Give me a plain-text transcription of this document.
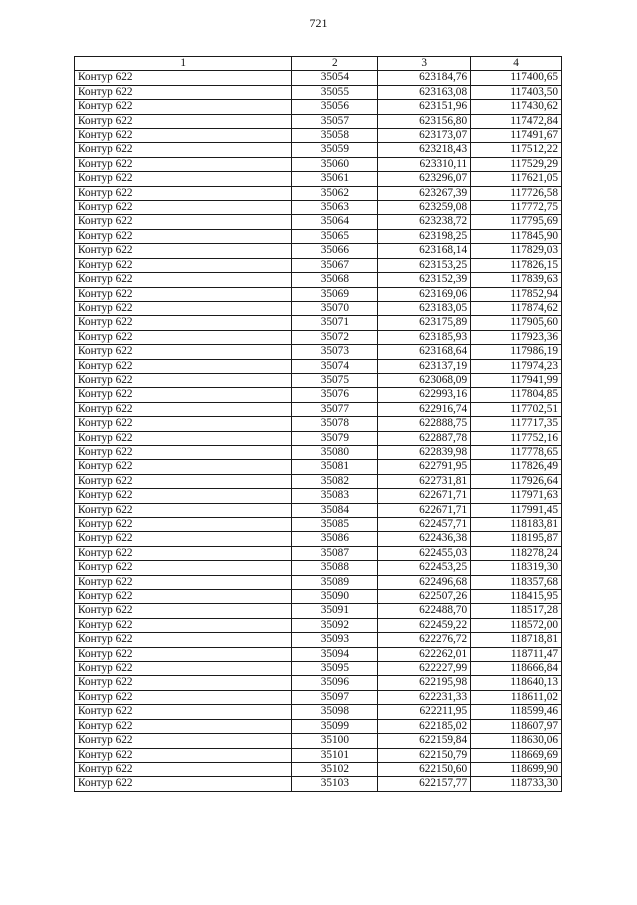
721
1	2	3	4
Контур 622	35054	623184,76	117400,65
Контур 622	35055	623163,08	117403,50
Контур 622	35056	623151,96	117430,62
Контур 622	35057	623156,80	117472,84
Контур 622	35058	623173,07	117491,67
Контур 622	35059	623218,43	117512,22
Контур 622	35060	623310,11	117529,29
Контур 622	35061	623296,07	117621,05
Контур 622	35062	623267,39	117726,58
Контур 622	35063	623259,08	117772,75
Контур 622	35064	623238,72	117795,69
Контур 622	35065	623198,25	117845,90
Контур 622	35066	623168,14	117829,03
Контур 622	35067	623153,25	117826,15
Контур 622	35068	623152,39	117839,63
Контур 622	35069	623169,06	117852,94
Контур 622	35070	623183,05	117874,62
Контур 622	35071	623175,89	117905,60
Контур 622	35072	623185,93	117923,36
Контур 622	35073	623168,64	117986,19
Контур 622	35074	623137,19	117974,23
Контур 622	35075	623068,09	117941,99
Контур 622	35076	622993,16	117804,85
Контур 622	35077	622916,74	117702,51
Контур 622	35078	622888,75	117717,35
Контур 622	35079	622887,78	117752,16
Контур 622	35080	622839,98	117778,65
Контур 622	35081	622791,95	117826,49
Контур 622	35082	622731,81	117926,64
Контур 622	35083	622671,71	117971,63
Контур 622	35084	622671,71	117991,45
Контур 622	35085	622457,71	118183,81
Контур 622	35086	622436,38	118195,87
Контур 622	35087	622455,03	118278,24
Контур 622	35088	622453,25	118319,30
Контур 622	35089	622496,68	118357,68
Контур 622	35090	622507,26	118415,95
Контур 622	35091	622488,70	118517,28
Контур 622	35092	622459,22	118572,00
Контур 622	35093	622276,72	118718,81
Контур 622	35094	622262,01	118711,47
Контур 622	35095	622227,99	118666,84
Контур 622	35096	622195,98	118640,13
Контур 622	35097	622231,33	118611,02
Контур 622	35098	622211,95	118599,46
Контур 622	35099	622185,02	118607,97
Контур 622	35100	622159,84	118630,06
Контур 622	35101	622150,79	118669,69
Контур 622	35102	622150,60	118699,90
Контур 622	35103	622157,77	118733,30
